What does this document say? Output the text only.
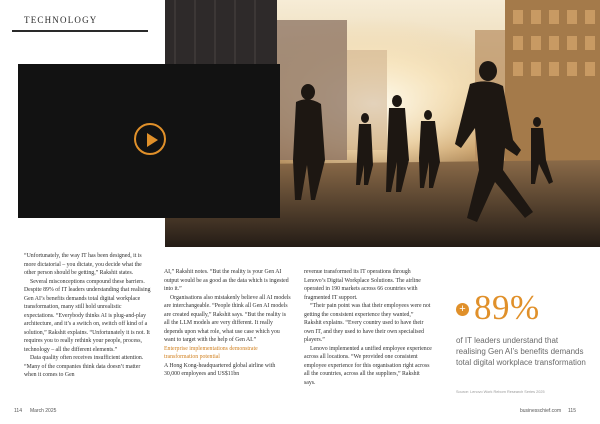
TECHNOLOGY

“Unfortunately, the way IT has been designed, it is more dictatorial – you dictate, you decide what the other person should be getting,” Rakshit states.

Several misconceptions compound these barriers. Despite 89% of IT leaders understanding that realising Gen AI’s benefits demands total digital workplace transformation, many still hold unrealistic expectations. “Everybody thinks AI is plug-and-play architecture, and it’s a switch on, switch off kind of a solution,” Rakshit explains. “Unfortunately it is not. It requires you to really rethink your people, process, technology – all the different elements.”

Data quality often receives insufficient attention. “Many of the companies think data doesn’t matter when it comes to Gen

AI,” Rakshit notes. “But the reality is your Gen AI output would be as good as the data which is ingested into it.”

Organisations also mistakenly believe all AI models are interchangeable. “People think all Gen AI models are created equally,” Rakshit says. “But the reality is all the LLM models are very different. It really depends upon what role, what use case which you want to target with the help of Gen AI.”

Enterprise implementations demonstrate transformation potential

A Hong Kong-headquartered global airline with 30,000 employees and US$11bn

revenue transformed its IT operations through Lenovo’s Digital Workplace Solutions. The airline operated in 190 markets across 66 countries with fragmented IT support.

“Their pain point was that their employees were not getting the consistent experience they wanted,” Rakshit explains. “Every country used to have their own IT, and they used to have their own specialised players.”

Lenovo implemented a unified employee experience across all locations. “We provided one consistent employee experience for this organisation right across all the countries, across all the suppliers,” Rakshit says.

+ 89%
of IT leaders understand that realising Gen AI’s benefits demands total digital workplace transformation
Source: Lenovo Work Reborn Research Series 2025
114 March 2025	businesschief.com 115
